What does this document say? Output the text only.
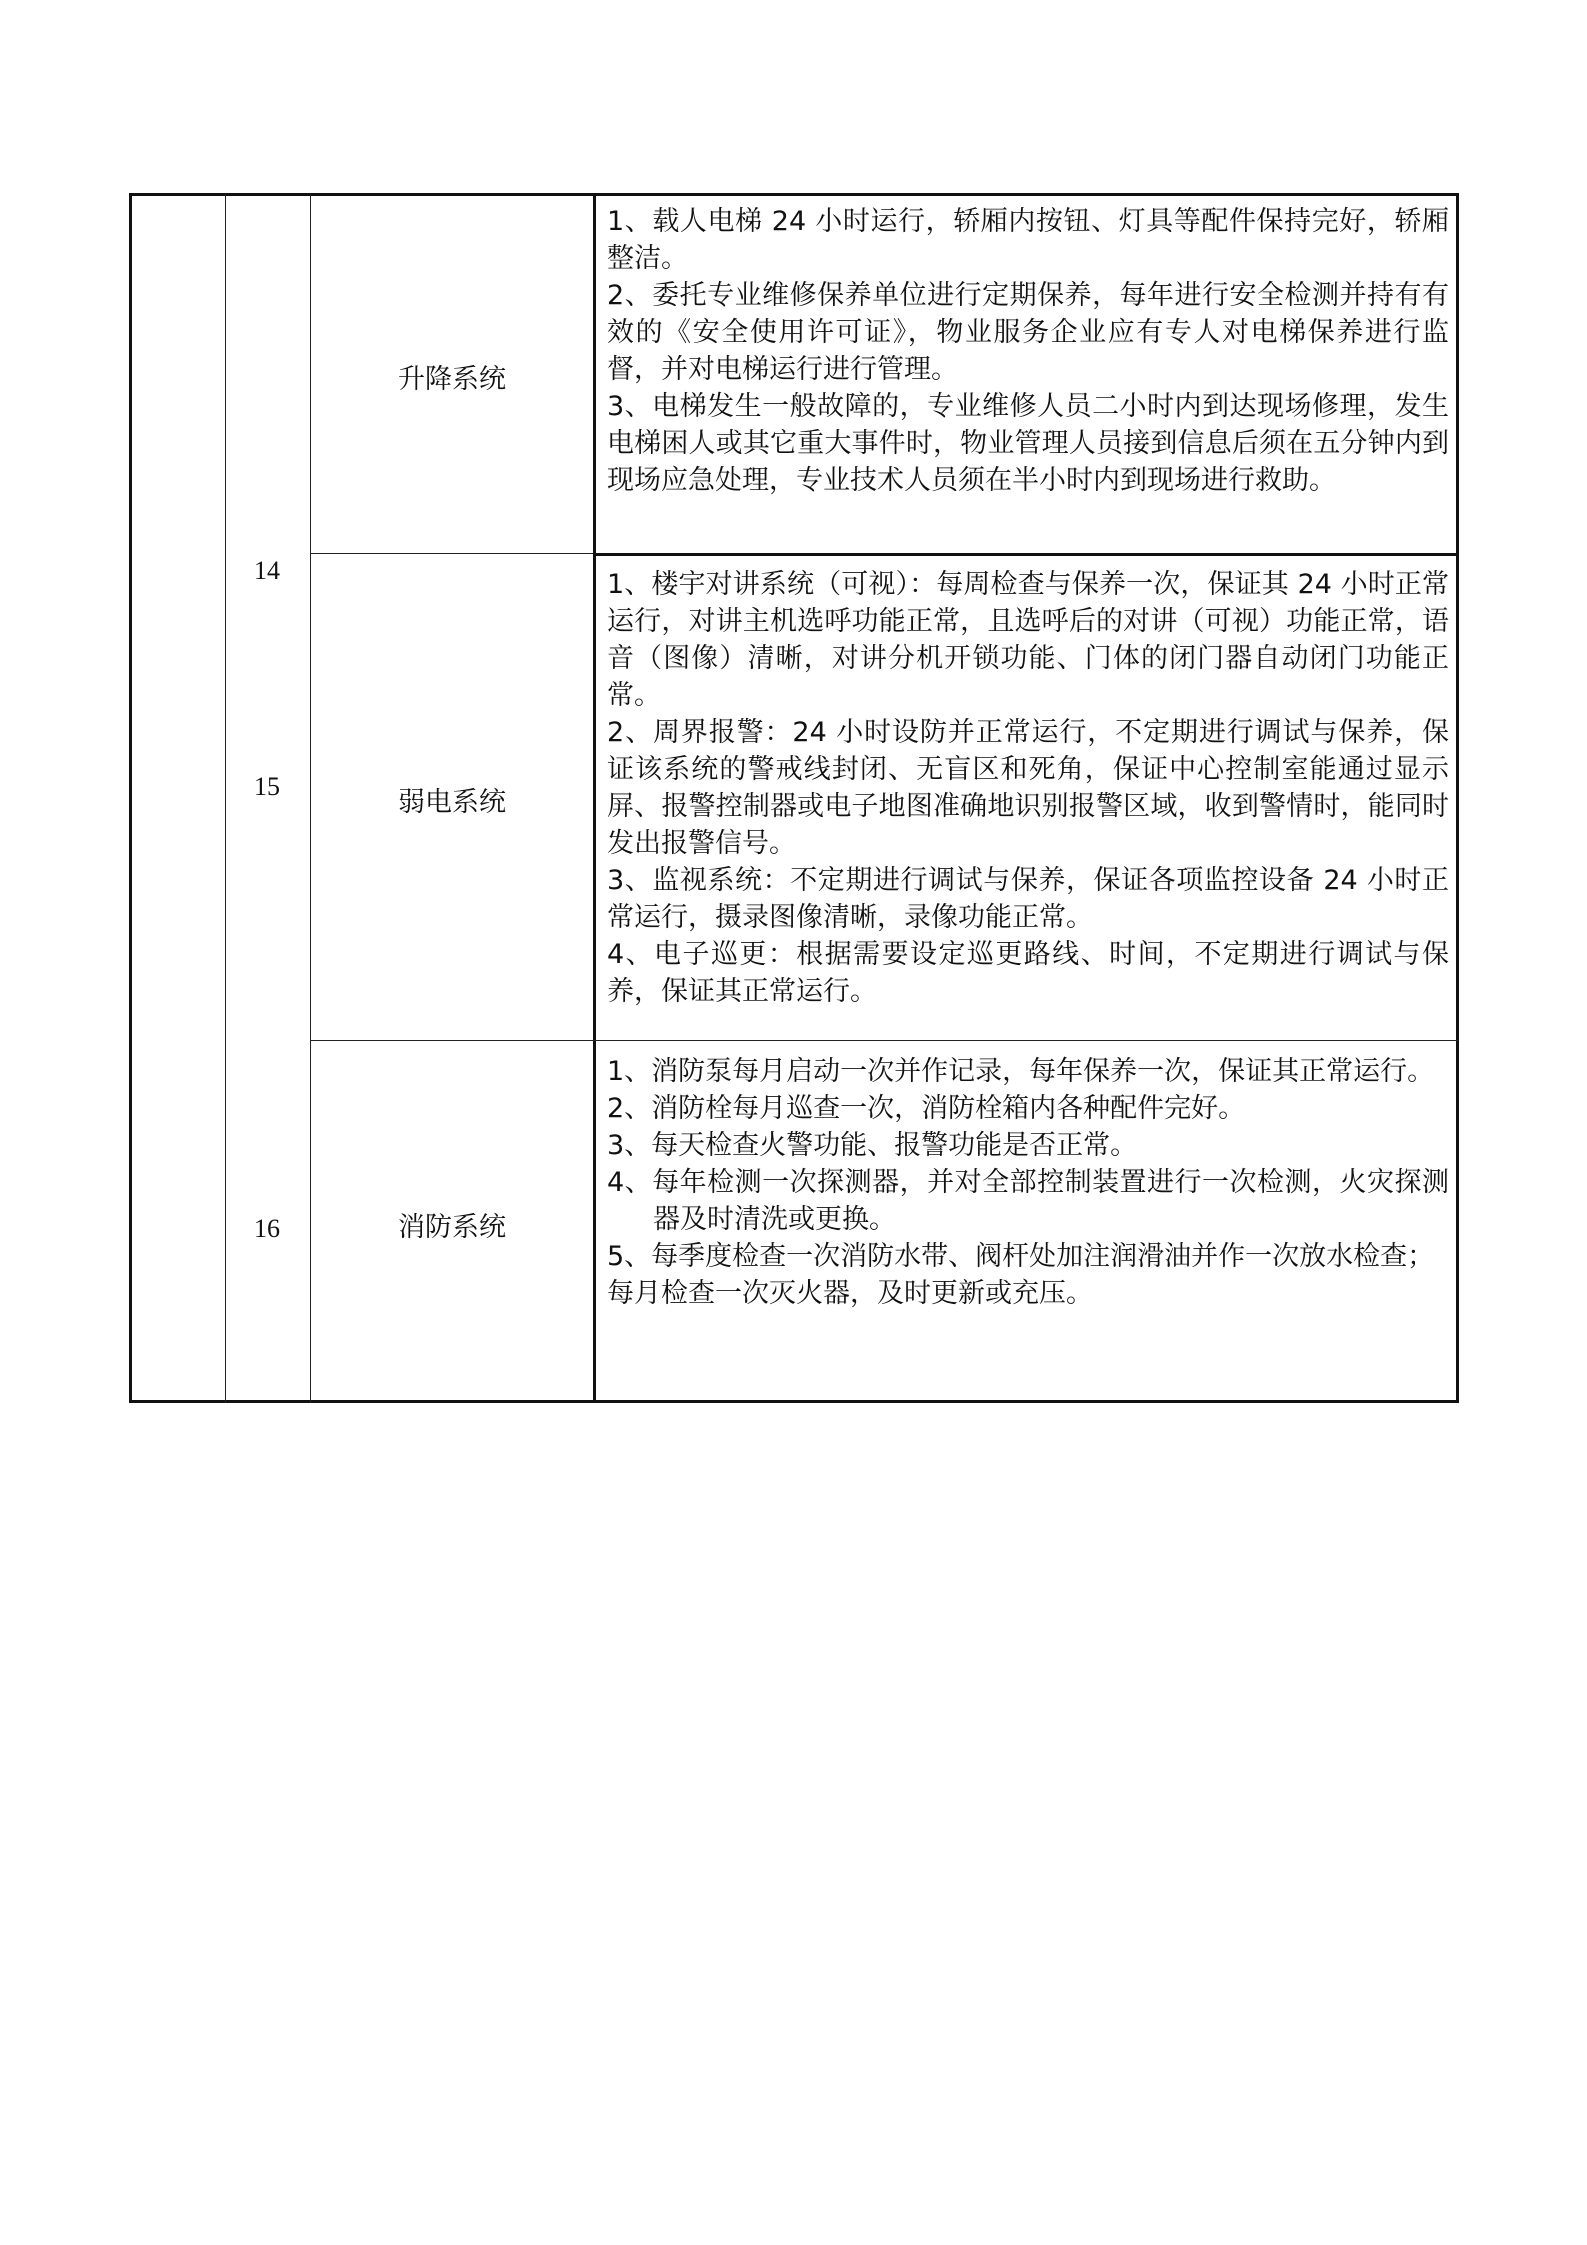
14
15
16
升降系统
弱电系统
消防系统

1、载人电梯 24 小时运行，轿厢内按钮、灯具等配件保持完好，轿厢整洁。

2、委托专业维修保养单位进行定期保养，每年进行安全检测并持有有效的《安全使用许可证》，物业服务企业应有专人对电梯保养进行监督，并对电梯运行进行管理。

3、电梯发生一般故障的，专业维修人员二小时内到达现场修理，发生电梯困人或其它重大事件时，物业管理人员接到信息后须在五分钟内到现场应急处理，专业技术人员须在半小时内到现场进行救助。

1、楼宇对讲系统（可视）：每周检查与保养一次，保证其 24 小时正常运行，对讲主机选呼功能正常，且选呼后的对讲（可视）功能正常，语音（图像）清晰，对讲分机开锁功能、门体的闭门器自动闭门功能正常。

2、周界报警：24 小时设防并正常运行，不定期进行调试与保养，保证该系统的警戒线封闭、无盲区和死角，保证中心控制室能通过显示屏、报警控制器或电子地图准确地识别报警区域，收到警情时，能同时发出报警信号。

3、监视系统：不定期进行调试与保养，保证各项监控设备 24 小时正常运行，摄录图像清晰，录像功能正常。

4、电子巡更：根据需要设定巡更路线、时间，不定期进行调试与保养，保证其正常运行。

1、消防泵每月启动一次并作记录，每年保养一次，保证其正常运行。

2、消防栓每月巡查一次，消防栓箱内各种配件完好。

3、每天检查火警功能、报警功能是否正常。

4、每年检测一次探测器，并对全部控制装置进行一次检测，火灾探测器及时清洗或更换。

5、每季度检查一次消防水带、阀杆处加注润滑油并作一次放水检查；

每月检查一次灭火器，及时更新或充压。
